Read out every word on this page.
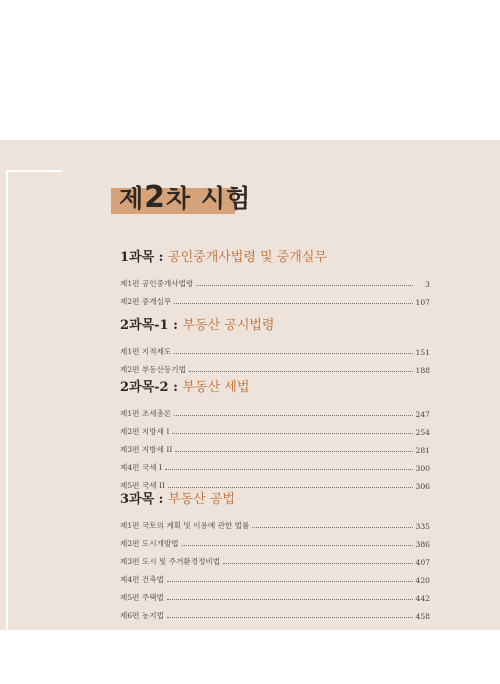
제2차 시험
1과목 : 공인중개사법령 및 중개실무
제1편 공인중개사법령	3
제2편 중개실무	107
2과목-1 : 부동산 공시법령
제1편 지적제도	151
제2편 부동산등기법	188
2과목-2 : 부동산 세법
제1편 조세총론	247
제2편 지방세 I	254
제3편 지방세 II	281
제4편 국세 I	300
제5편 국세 II	306
3과목 : 부동산 공법
제1편 국토의 계획 및 이용에 관한 법률	335
제2편 도시개발법	386
제3편 도시 및 주거환경정비법	407
제4편 건축법	420
제5편 주택법	442
제6편 농지법	458
